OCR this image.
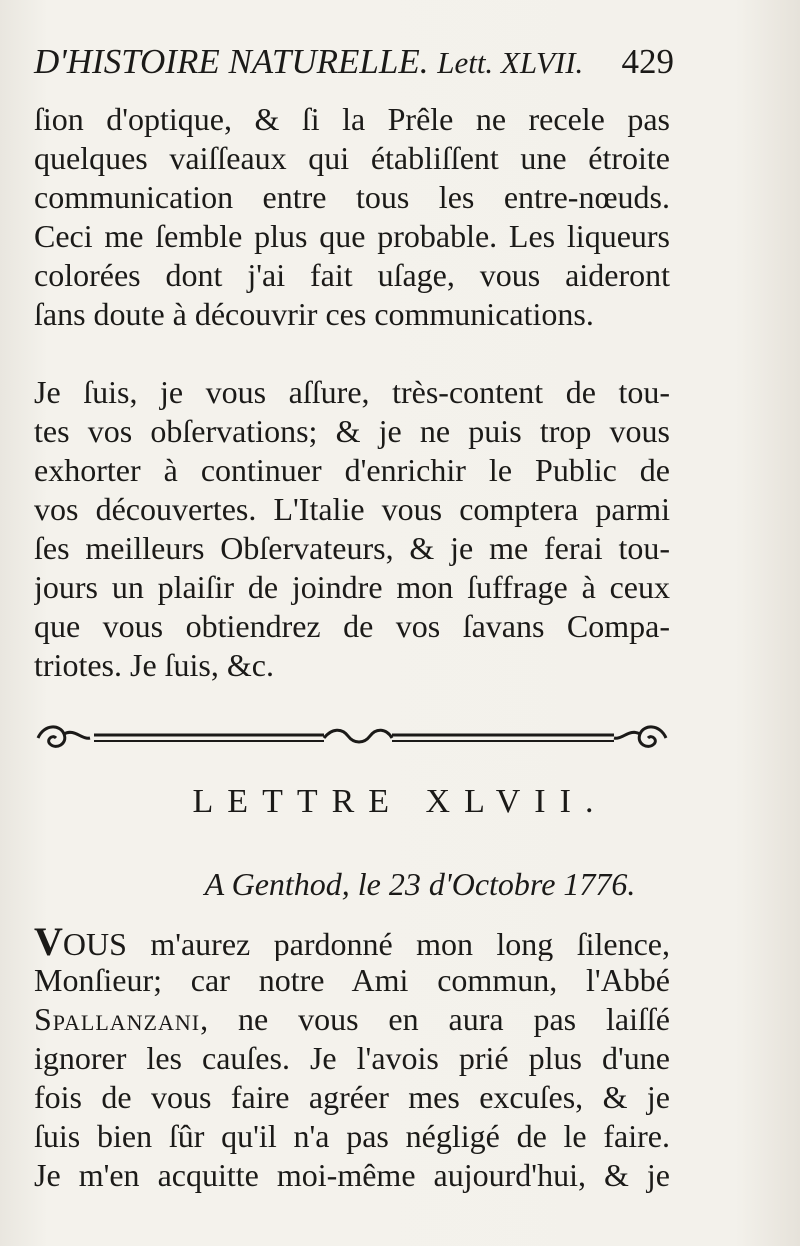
D'HISTOIRE NATURELLE. Lett. XLVII. 429
ſion d'optique, & ſi la Prêle ne recele pas
quelques vaiſſeaux qui établiſſent une étroite
communication entre tous les entre-nœuds.
Ceci me ſemble plus que probable. Les liqueurs
colorées dont j'ai fait uſage, vous aideront
ſans doute à découvrir ces communications.
Je ſuis, je vous aſſure, très-content de tou-
tes vos obſervations; & je ne puis trop vous
exhorter à continuer d'enrichir le Public de
vos découvertes. L'Italie vous comptera parmi
ſes meilleurs Obſervateurs, & je me ferai tou-
jours un plaiſir de joindre mon ſuffrage à ceux
que vous obtiendrez de vos ſavans Compa-
triotes. Je ſuis, &c.
LETTRE XLVII.
A Genthod, le 23 d'Octobre 1776.
VOUS m'aurez pardonné mon long ſilence,
Monſieur; car notre Ami commun, l'Abbé
Spallanzani, ne vous en aura pas laiſſé
ignorer les cauſes. Je l'avois prié plus d'une
fois de vous faire agréer mes excuſes, & je
ſuis bien ſûr qu'il n'a pas négligé de le faire.
Je m'en acquitte moi-même aujourd'hui, & je
